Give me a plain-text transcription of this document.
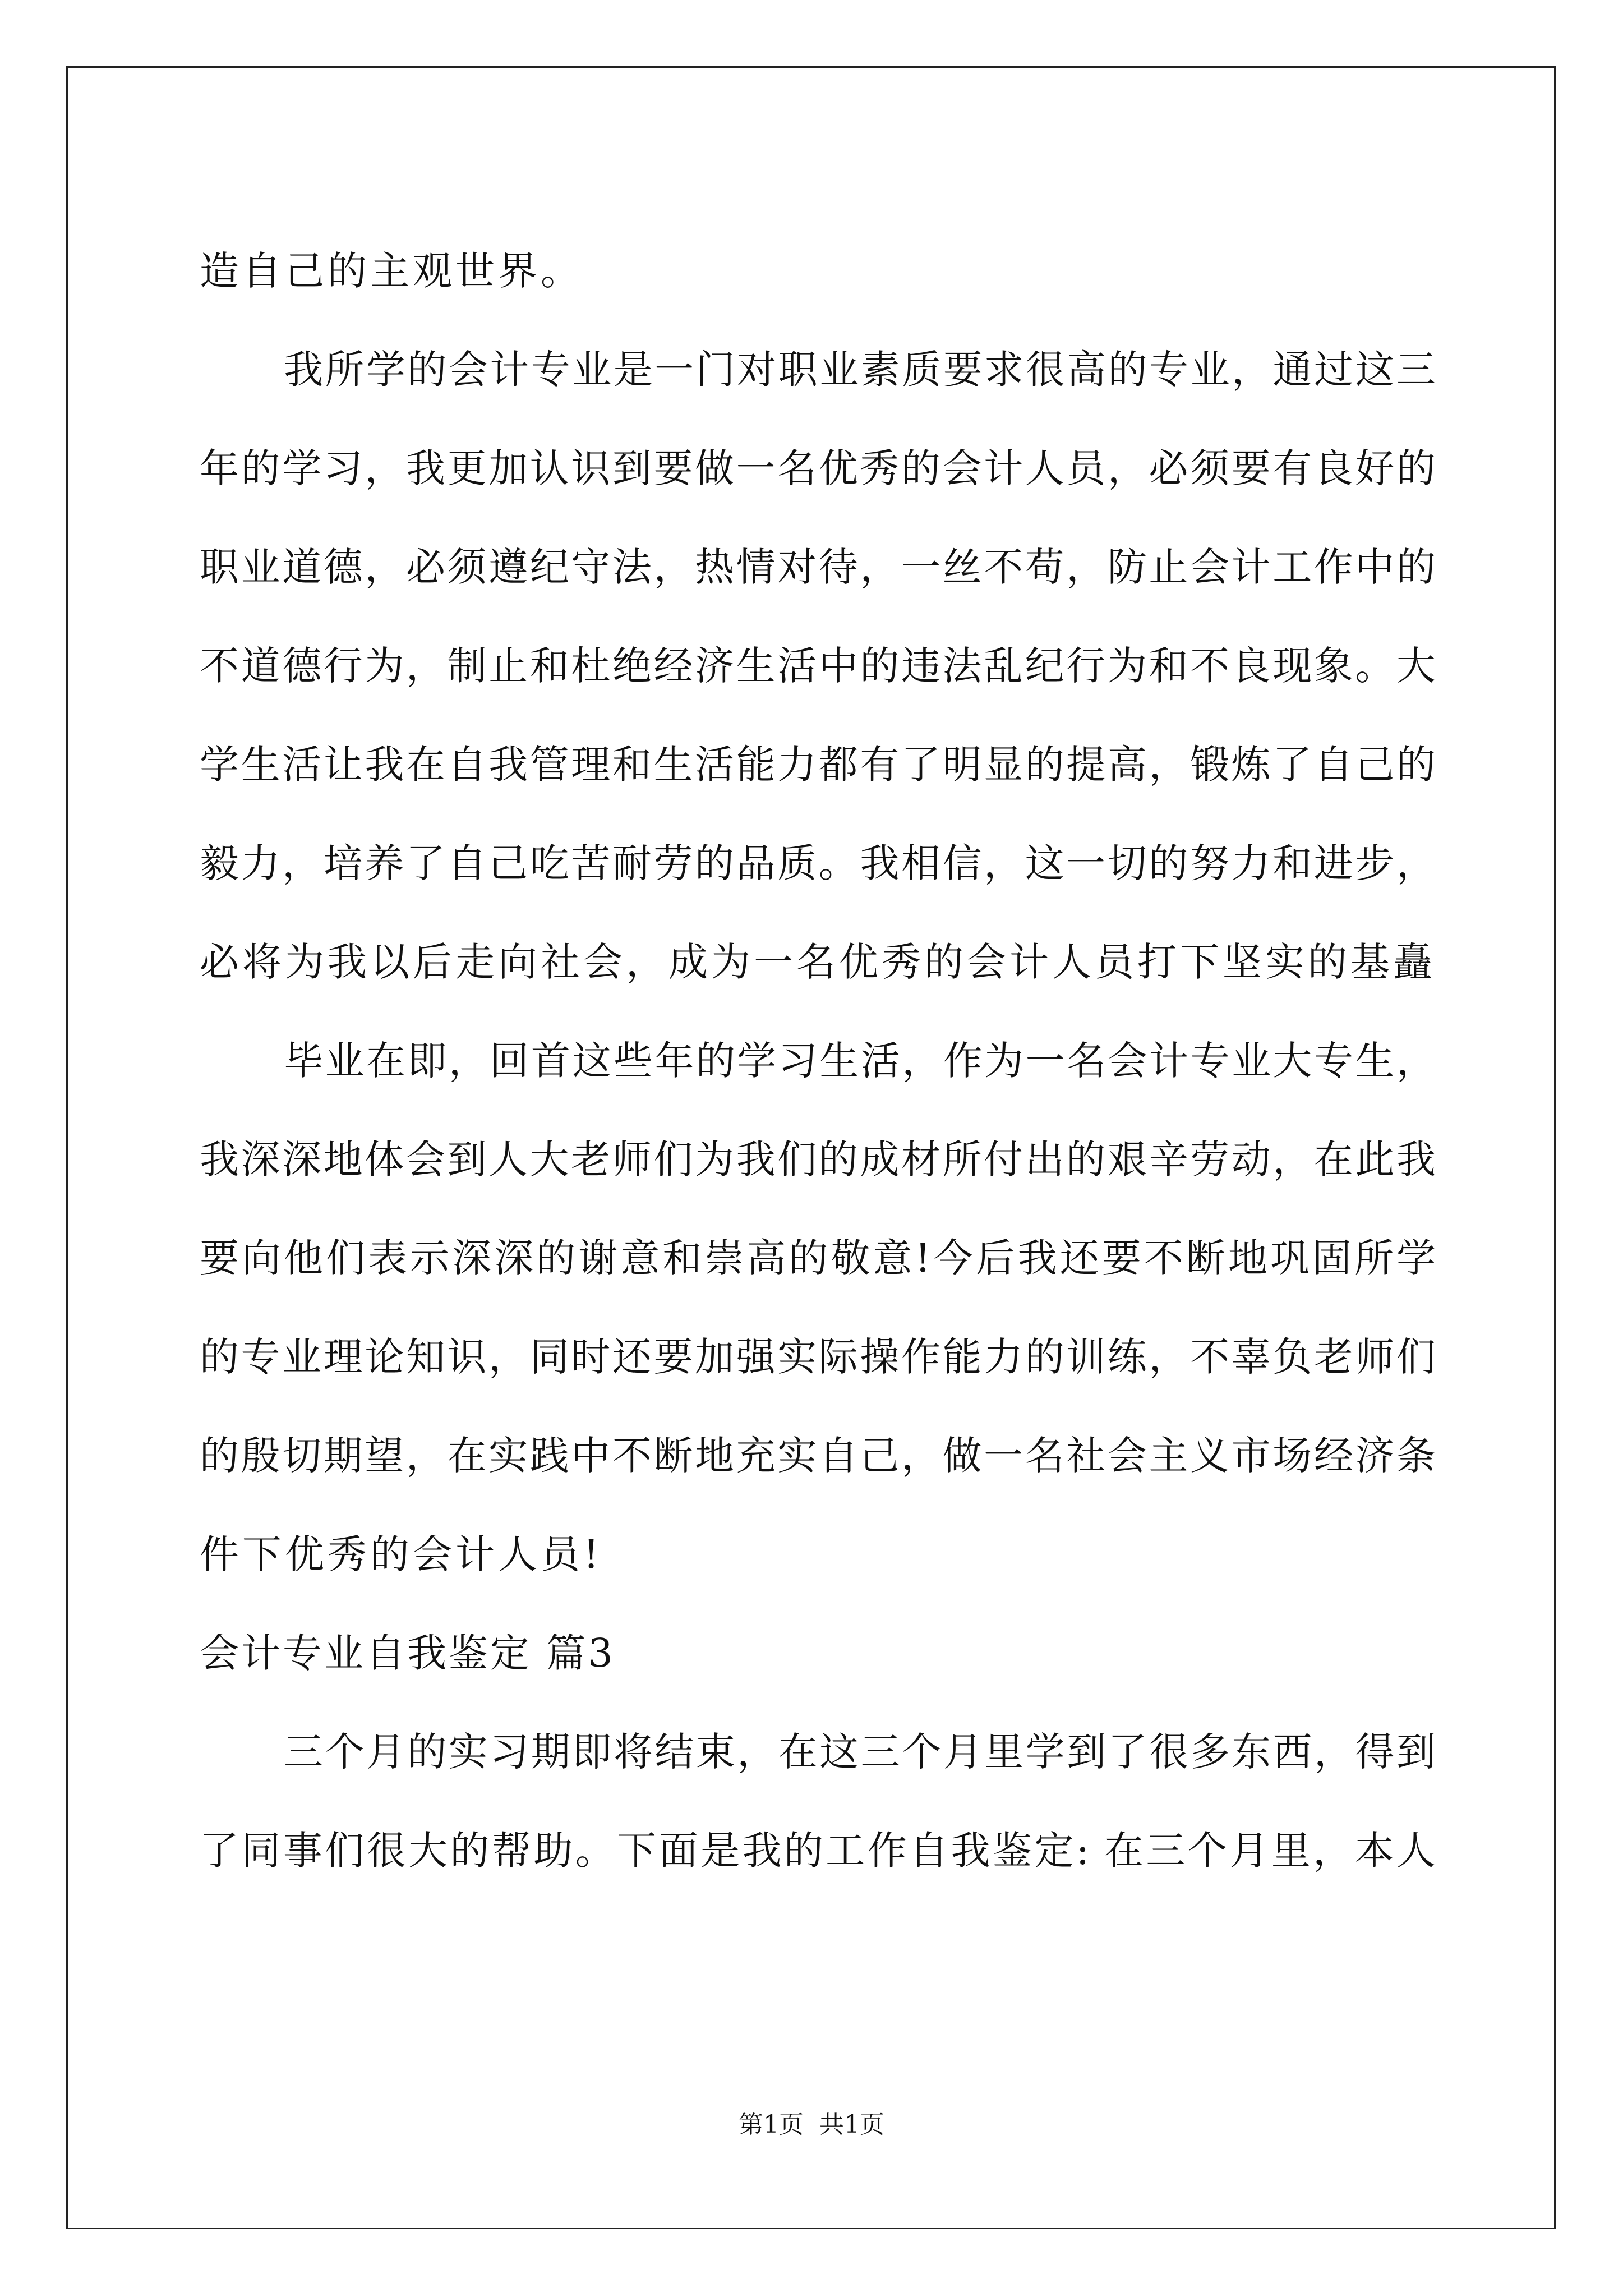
造自己的主观世界。
我所学的会计专业是一门对职业素质要求很高的专业，通过这三
年的学习，我更加认识到要做一名优秀的会计人员，必须要有良好的
职业道德，必须遵纪守法，热情对待，一丝不苟，防止会计工作中的
不道德行为，制止和杜绝经济生活中的违法乱纪行为和不良现象。大
学生活让我在自我管理和生活能力都有了明显的提高，锻炼了自己的
毅力，培养了自己吃苦耐劳的品质。我相信，这一切的努力和进步，
必将为我以后走向社会，成为一名优秀的会计人员打下坚实的基矗
毕业在即，回首这些年的学习生活，作为一名会计专业大专生，
我深深地体会到人大老师们为我们的成材所付出的艰辛劳动，在此我
要向他们表示深深的谢意和崇高的敬意!今后我还要不断地巩固所学
的专业理论知识，同时还要加强实际操作能力的训练，不辜负老师们
的殷切期望，在实践中不断地充实自己，做一名社会主义市场经济条
件下优秀的会计人员!
会计专业自我鉴定 篇3
三个月的实习期即将结束，在这三个月里学到了很多东西，得到
了同事们很大的帮助。下面是我的工作自我鉴定: 在三个月里，本人
第1页  共1页
